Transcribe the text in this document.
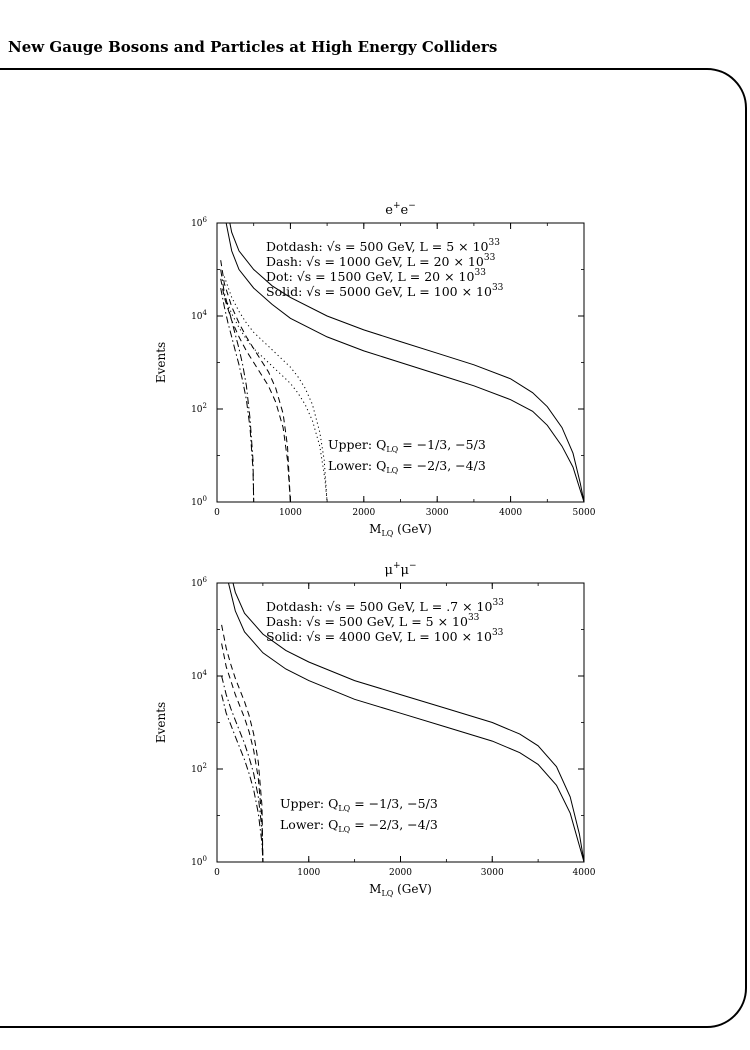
New Gauge Bosons and Particles at High Energy Colliders
0	1000	2000	3000	4000	5000
$10^0$
$10^2$
$10^4$
$10^6$
e+e−
$M_{LQ}$ (GeV)
Events
Dotdash: √s = 500 GeV, $L = 5 \times 10^{33}$
Dash: √s = 1000 GeV, $L = 20 \times 10^{33}$
Dot: √s = 1500 GeV, $L = 20 \times 10^{33}$
Solid: √s = 5000 GeV, $L = 100 \times 10^{33}$
Upper: $Q_{LQ} = -1/3$, −5/3
Lower: $Q_{LQ} = -2/3$, −4/3
0	1000	2000	3000	4000
$10^0$
$10^2$
$10^4$
$10^6$
μ+μ−
$M_{LQ}$ (GeV)
Events
Dotdash: √s = 500 GeV, $L = .7 \times 10^{33}$
Dash: √s = 500 GeV, $L = 5 \times 10^{33}$
Solid: √s = 4000 GeV, $L = 100 \times 10^{33}$
Upper: $Q_{LQ} = -1/3$, −5/3
Lower: $Q_{LQ} = -2/3$, −4/3
